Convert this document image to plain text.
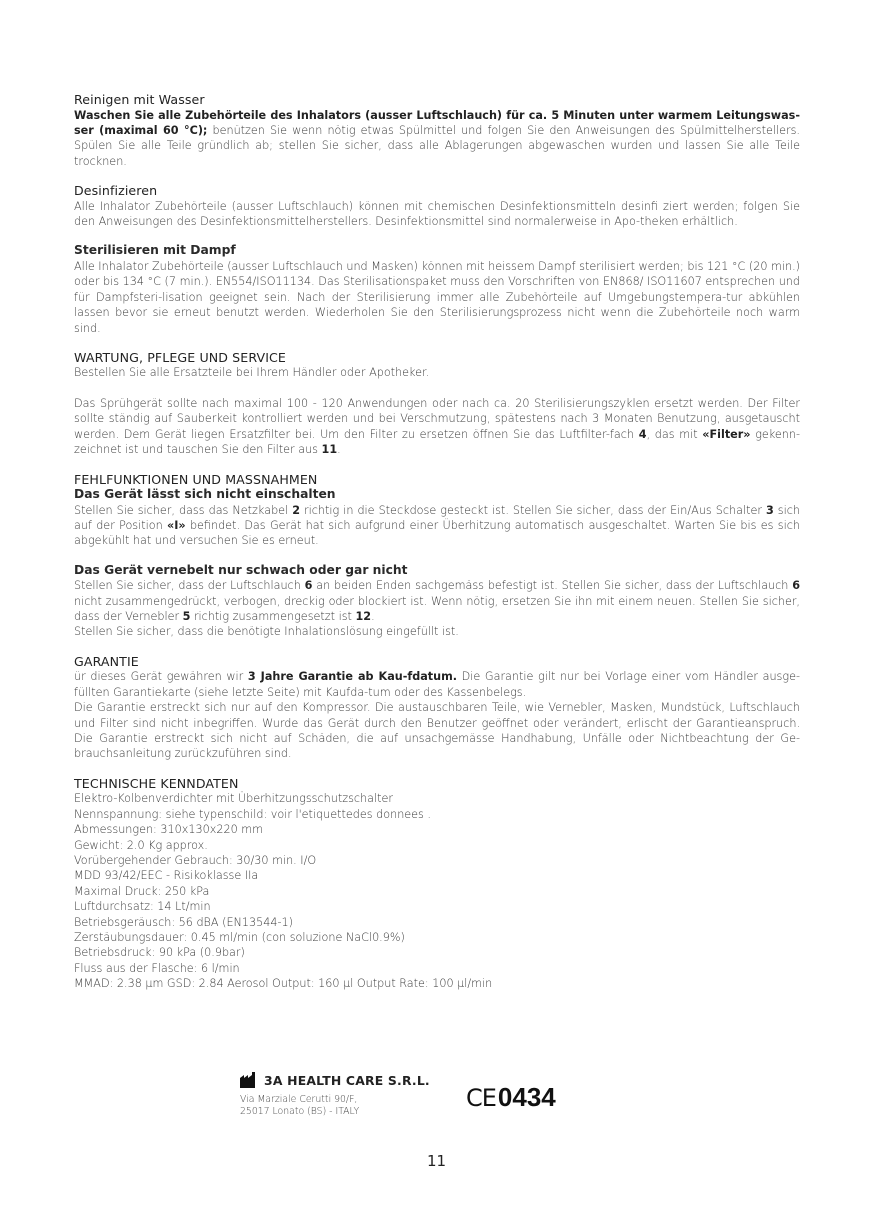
Reinigen mit Wasser

Waschen Sie alle Zubehörteile des Inhalators (ausser Luftschlauch) für ca. 5 Minuten unter warmem Leitungswas-ser (maximal 60 °C); benützen Sie wenn nötig etwas Spülmittel und folgen Sie den Anweisungen des Spülmittelherstellers. Spülen Sie alle Teile gründlich ab; stellen Sie sicher, dass alle Ablagerungen abgewaschen wurden und lassen Sie alle Teile trocknen.

Desinfizieren

Alle Inhalator Zubehörteile (ausser Luftschlauch) können mit chemischen Desinfektionsmitteln desinfi ziert werden; folgen Sie den Anweisungen des Desinfektionsmittelherstellers. Desinfektionsmittel sind normalerweise in Apo-theken erhältlich.

Sterilisieren mit Dampf

Alle Inhalator Zubehörteile (ausser Luftschlauch und Masken) können mit heissem Dampf sterilisiert werden; bis 121 °C (20 min.) oder bis 134 °C (7 min.). EN554/ISO11134. Das Sterilisationspaket muss den Vorschriften von EN868/ ISO11607 entsprechen und für Dampfsteri-lisation geeignet sein. Nach der Sterilisierung immer alle Zubehörteile auf Umgebungstempera-tur abkühlen lassen bevor sie erneut benutzt werden. Wiederholen Sie den Sterilisierungsprozess nicht wenn die Zubehörteile noch warm sind.

WARTUNG, PFLEGE UND SERVICE

Bestellen Sie alle Ersatzteile bei Ihrem Händler oder Apotheker.

Das Sprühgerät sollte nach maximal 100 - 120 Anwendungen oder nach ca. 20 Sterilisierungszyklen ersetzt werden. Der Filter sollte ständig auf Sauberkeit kontrolliert werden und bei Verschmutzung, spätestens nach 3 Monaten Benutzung, ausgetauscht werden. Dem Gerät liegen Ersatzfilter bei. Um den Filter zu ersetzen öffnen Sie das Luftfilter-fach 4, das mit «Filter» gekenn-zeichnet ist und tauschen Sie den Filter aus 11.

FEHLFUNKTIONEN UND MASSNAHMEN
Das Gerät lässt sich nicht einschalten

Stellen Sie sicher, dass das Netzkabel 2 richtig in die Steckdose gesteckt ist. Stellen Sie sicher, dass der Ein/Aus Schalter 3 sich auf der Position «I» befindet. Das Gerät hat sich aufgrund einer Überhitzung automatisch ausgeschaltet. Warten Sie bis es sich abgekühlt hat und versuchen Sie es erneut.

Das Gerät vernebelt nur schwach oder gar nicht

Stellen Sie sicher, dass der Luftschlauch 6 an beiden Enden sachgemäss befestigt ist. Stellen Sie sicher, dass der Luftschlauch 6 nicht zusammengedrückt, verbogen, dreckig oder blockiert ist. Wenn nötig, ersetzen Sie ihn mit einem neuen. Stellen Sie sicher, dass der Vernebler 5 richtig zusammengesetzt ist 12.

Stellen Sie sicher, dass die benötigte Inhalationslösung eingefüllt ist.

GARANTIE

ür dieses Gerät gewähren wir 3 Jahre Garantie ab Kau-fdatum. Die Garantie gilt nur bei Vorlage einer vom Händler ausge-füllten Garantiekarte (siehe letzte Seite) mit Kaufda-tum oder des Kassenbelegs.

Die Garantie erstreckt sich nur auf den Kompressor. Die austauschbaren Teile, wie Vernebler, Masken, Mundstück, Luftschlauch und Filter sind nicht inbegriffen. Wurde das Gerät durch den Benutzer geöffnet oder verändert, erlischt der Garantieanspruch. Die Garantie erstreckt sich nicht auf Schäden, die auf unsachgemässe Handhabung, Unfälle oder Nichtbeachtung der Ge-brauchsanleitung zurückzuführen sind.

TECHNISCHE KENNDATEN

Elektro-Kolbenverdichter mit Überhitzungsschutzschalter

Nennspannung: siehe typenschild: voir l'etiquettedes donnees .

Abmessungen: 310x130x220 mm

Gewicht: 2.0 Kg approx.

Vorübergehender Gebrauch: 30/30 min. I/O

MDD 93/42/EEC - Risikoklasse IIa

Maximal Druck: 250 kPa

Luftdurchsatz: 14 Lt/min

Betriebsgeräusch: 56 dBA (EN13544-1)

Zerstäubungsdauer: 0.45 ml/min (con soluzione NaCl0.9%)

Betriebsdruck: 90 kPa (0.9bar)

Fluss aus der Flasche: 6 l/min

MMAD: 2.38 μm GSD: 2.84 Aerosol Output: 160 μl Output Rate: 100 μl/min

3A HEALTH CARE S.R.L.
Via Marziale Cerutti 90/F,
25017 Lonato (BS) - ITALY	CE 0434
11
